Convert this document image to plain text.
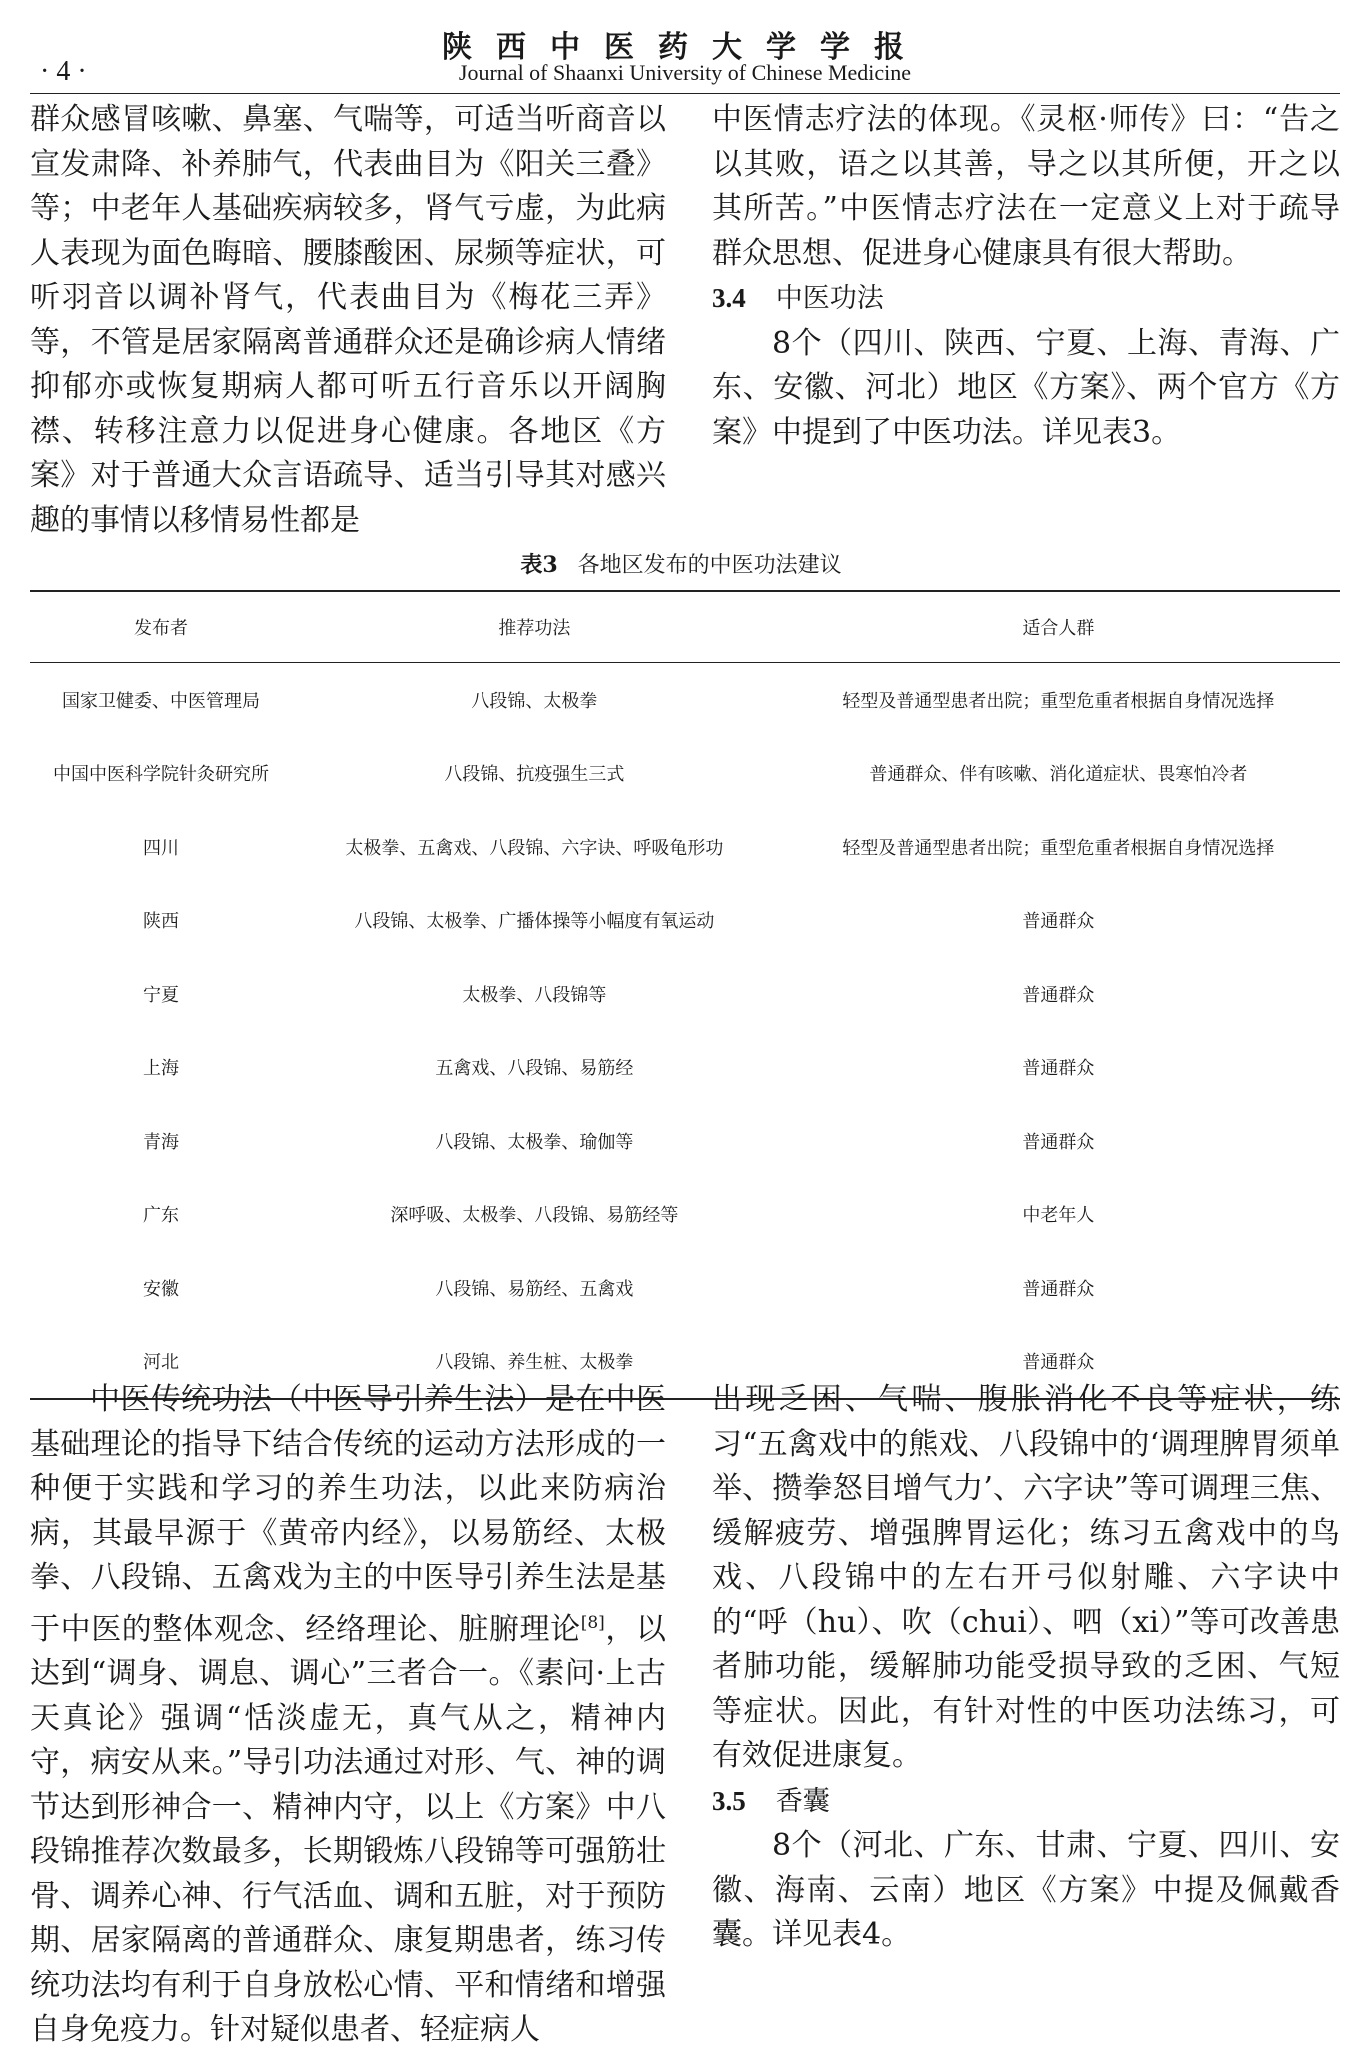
· 4 ·
陕西中医药大学学报
Journal of Shaanxi University of Chinese Medicine

群众感冒咳嗽、鼻塞、气喘等，可适当听商音以宣发肃降、补养肺气，代表曲目为《阳关三叠》等；中老年人基础疾病较多，肾气亏虚，为此病人表现为面色晦暗、腰膝酸困、尿频等症状，可听羽音以调补肾气，代表曲目为《梅花三弄》等，不管是居家隔离普通群众还是确诊病人情绪抑郁亦或恢复期病人都可听五行音乐以开阔胸襟、转移注意力以促进身心健康。各地区《方案》对于普通大众言语疏导、适当引导其对感兴趣的事情以移情易性都是

中医情志疗法的体现。《灵枢·师传》曰：“告之以其败，语之以其善，导之以其所便，开之以其所苦。”中医情志疗法在一定意义上对于疏导群众思想、促进身心健康具有很大帮助。

3.4 中医功法

8个（四川、陕西、宁夏、上海、青海、广东、安徽、河北）地区《方案》、两个官方《方案》中提到了中医功法。详见表3。

表3 各地区发布的中医功法建议
发布者	推荐功法	适合人群
国家卫健委、中医管理局	八段锦、太极拳	轻型及普通型患者出院；重型危重者根据自身情况选择
中国中医科学院针灸研究所	八段锦、抗疫强生三式	普通群众、伴有咳嗽、消化道症状、畏寒怕冷者
四川	太极拳、五禽戏、八段锦、六字诀、呼吸龟形功	轻型及普通型患者出院；重型危重者根据自身情况选择
陕西	八段锦、太极拳、广播体操等小幅度有氧运动	普通群众
宁夏	太极拳、八段锦等	普通群众
上海	五禽戏、八段锦、易筋经	普通群众
青海	八段锦、太极拳、瑜伽等	普通群众
广东	深呼吸、太极拳、八段锦、易筋经等	中老年人
安徽	八段锦、易筋经、五禽戏	普通群众
河北	八段锦、养生桩、太极拳	普通群众

中医传统功法（中医导引养生法）是在中医基础理论的指导下结合传统的运动方法形成的一种便于实践和学习的养生功法，以此来防病治病，其最早源于《黄帝内经》，以易筋经、太极拳、八段锦、五禽戏为主的中医导引养生法是基于中医的整体观念、经络理论、脏腑理论[8]，以达到“调身、调息、调心”三者合一。《素问·上古天真论》强调“恬淡虚无，真气从之，精神内守，病安从来。”导引功法通过对形、气、神的调节达到形神合一、精神内守，以上《方案》中八段锦推荐次数最多，长期锻炼八段锦等可强筋壮骨、调养心神、行气活血、调和五脏，对于预防期、居家隔离的普通群众、康复期患者，练习传统功法均有利于自身放松心情、平和情绪和增强自身免疫力。针对疑似患者、轻症病人

出现乏困、气喘、腹胀消化不良等症状，练习“五禽戏中的熊戏、八段锦中的‘调理脾胃须单举、攒拳怒目增气力’、六字诀”等可调理三焦、缓解疲劳、增强脾胃运化；练习五禽戏中的鸟戏、八段锦中的左右开弓似射雕、六字诀中的“呼（hu）、吹（chui）、呬（xi）”等可改善患者肺功能，缓解肺功能受损导致的乏困、气短等症状。因此，有针对性的中医功法练习，可有效促进康复。

3.5 香囊

8个（河北、广东、甘肃、宁夏、四川、安徽、海南、云南）地区《方案》中提及佩戴香囊。详见表4。
